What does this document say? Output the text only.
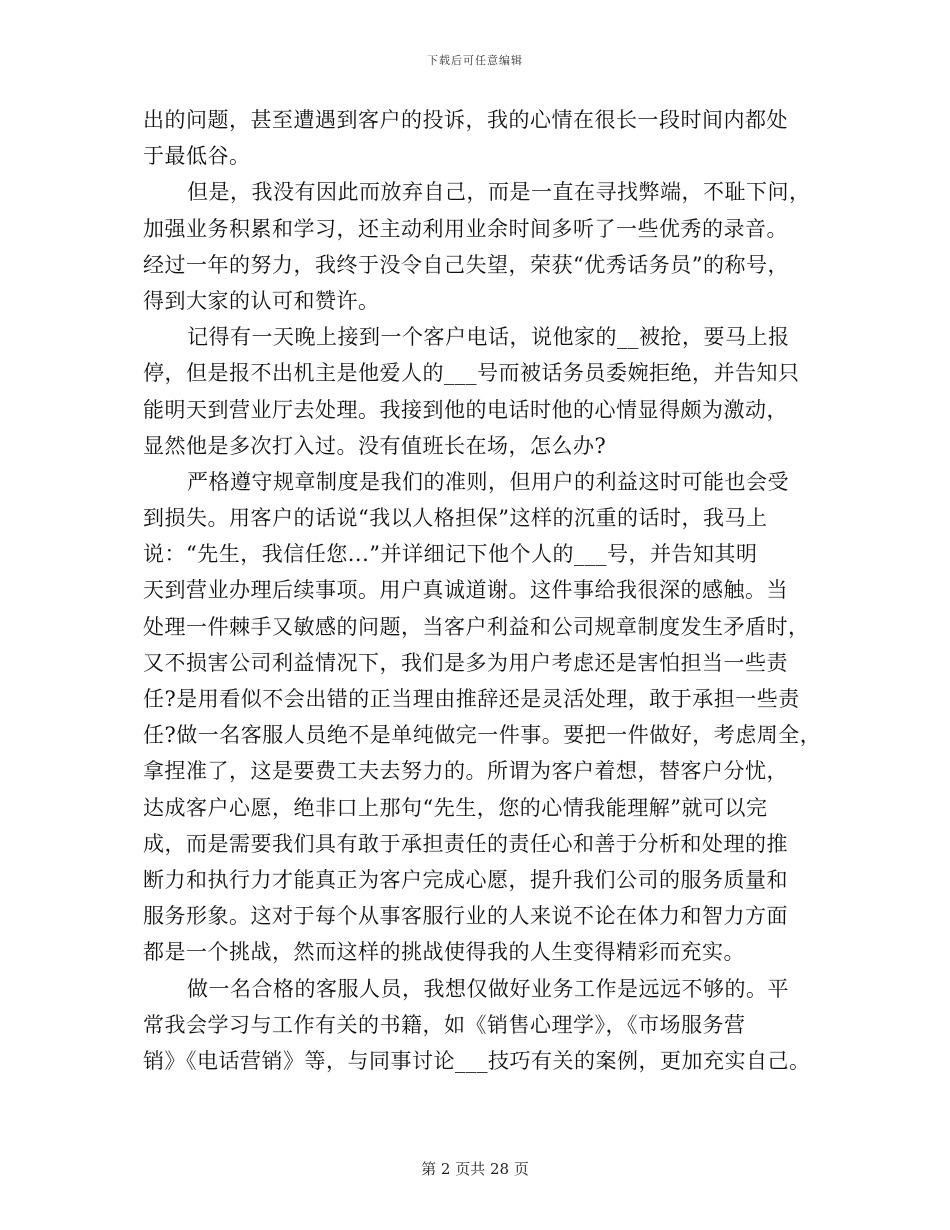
下载后可任意编辑
出的问题，甚至遭遇到客户的投诉，我的心情在很长一段时间内都处
于最低谷。
但是，我没有因此而放弃自己，而是一直在寻找弊端，不耻下问，
加强业务积累和学习，还主动利用业余时间多听了一些优秀的录音。
经过一年的努力，我终于没令自己失望，荣获“优秀话务员”的称号，
得到大家的认可和赞许。
记得有一天晚上接到一个客户电话，说他家的__被抢，要马上报
停，但是报不出机主是他爱人的___号而被话务员委婉拒绝，并告知只
能明天到营业厅去处理。我接到他的电话时他的心情显得颇为激动，
显然他是多次打入过。没有值班长在场，怎么办?
严格遵守规章制度是我们的准则，但用户的利益这时可能也会受
到损失。用客户的话说“我以人格担保”这样的沉重的话时，我马上
说：“先生，我信任您...”并详细记下他个人的___号，并告知其明
天到营业办理后续事项。用户真诚道谢。这件事给我很深的感触。当
处理一件棘手又敏感的问题，当客户利益和公司规章制度发生矛盾时，
又不损害公司利益情况下，我们是多为用户考虑还是害怕担当一些责
任?是用看似不会出错的正当理由推辞还是灵活处理，敢于承担一些责
任?做一名客服人员绝不是单纯做完一件事。要把一件做好，考虑周全，
拿捏准了，这是要费工夫去努力的。所谓为客户着想，替客户分忧，
达成客户心愿，绝非口上那句“先生，您的心情我能理解”就可以完
成，而是需要我们具有敢于承担责任的责任心和善于分析和处理的推
断力和执行力才能真正为客户完成心愿，提升我们公司的服务质量和
服务形象。这对于每个从事客服行业的人来说不论在体力和智力方面
都是一个挑战，然而这样的挑战使得我的人生变得精彩而充实。
做一名合格的客服人员，我想仅做好业务工作是远远不够的。平
常我会学习与工作有关的书籍，如《销售心理学》，《市场服务营
销》《电话营销》等，与同事讨论___技巧有关的案例，更加充实自己。
第 2 页共 28 页
